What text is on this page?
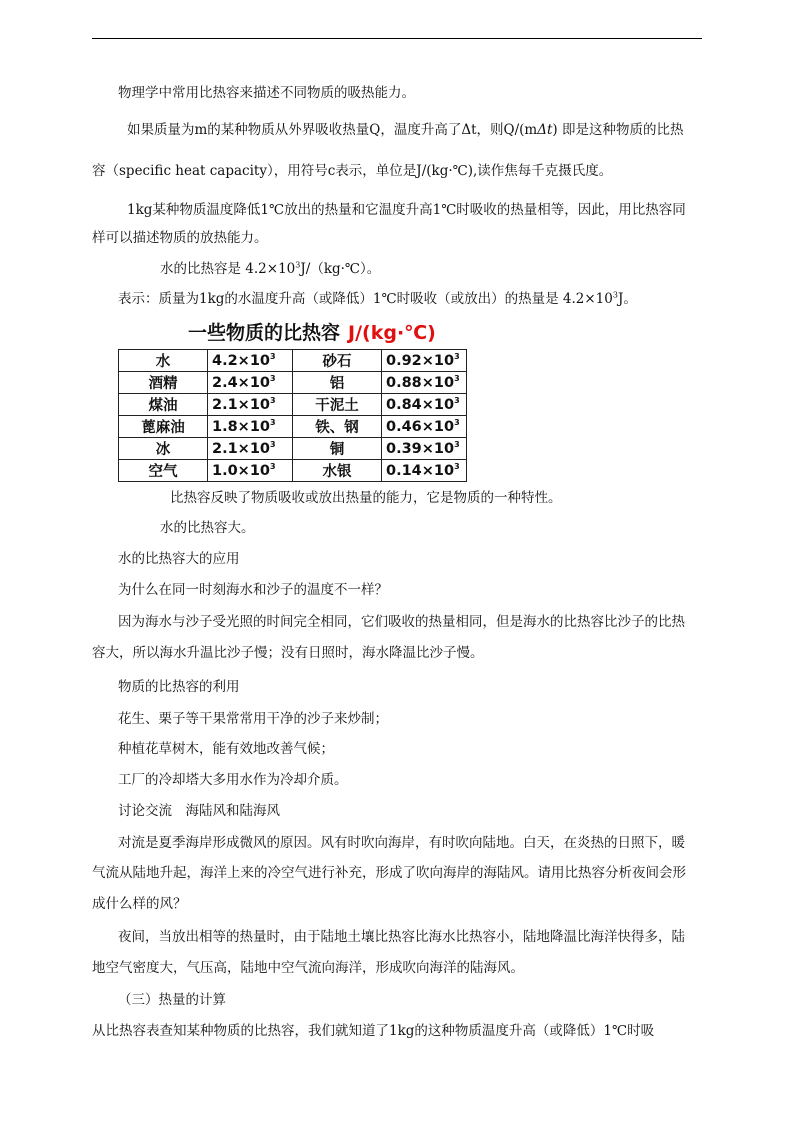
物理学中常用比热容来描述不同物质的吸热能力。
如果质量为m的某种物质从外界吸收热量Q，温度升高了Δt，则Q/(mΔt) 即是这种物质的比热
容（specific heat capacity），用符号c表示，单位是J/(kg·℃),读作焦每千克摄氏度。
1kg某种物质温度降低1℃放出的热量和它温度升高1℃时吸收的热量相等，因此，用比热容同
样可以描述物质的放热能力。
水的比热容是 $4.2\times 10^3J/(kg\cdot℃)$。
表示：质量为1kg的水温度升高（或降低）1℃时吸收（或放出）的热量是 $4.2\times 10^3J$。
一些物质的比热容 J/(kg·℃)
水	$4.2\times 10^3$	砂石	$0.92\times 10^3$
酒精	$2.4\times 10^3$	铝	$0.88\times 10^3$
煤油	$2.1\times 10^3$	干泥土	$0.84\times 10^3$
蓖麻油	$1.8\times 10^3$	铁、钢	$0.46\times 10^3$
冰	$2.1\times 10^3$	铜	$0.39\times 10^3$
空气	$1.0\times 10^3$	水银	$0.14\times 10^3$
比热容反映了物质吸收或放出热量的能力，它是物质的一种特性。
水的比热容大。
水的比热容大的应用
为什么在同一时刻海水和沙子的温度不一样？
因为海水与沙子受光照的时间完全相同，它们吸收的热量相同，但是海水的比热容比沙子的比热
容大，所以海水升温比沙子慢；没有日照时，海水降温比沙子慢。
物质的比热容的利用
花生、栗子等干果常常用干净的沙子来炒制；
种植花草树木，能有效地改善气候；
工厂的冷却塔大多用水作为冷却介质。
讨论交流　海陆风和陆海风
对流是夏季海岸形成微风的原因。风有时吹向海岸，有时吹向陆地。白天，在炎热的日照下，暖
气流从陆地升起，海洋上来的冷空气进行补充，形成了吹向海岸的海陆风。请用比热容分析夜间会形
成什么样的风？
夜间，当放出相等的热量时，由于陆地土壤比热容比海水比热容小，陆地降温比海洋快得多，陆
地空气密度大，气压高，陆地中空气流向海洋，形成吹向海洋的陆海风。
（三）热量的计算
从比热容表查知某种物质的比热容，我们就知道了1kg的这种物质温度升高（或降低）1℃时吸
